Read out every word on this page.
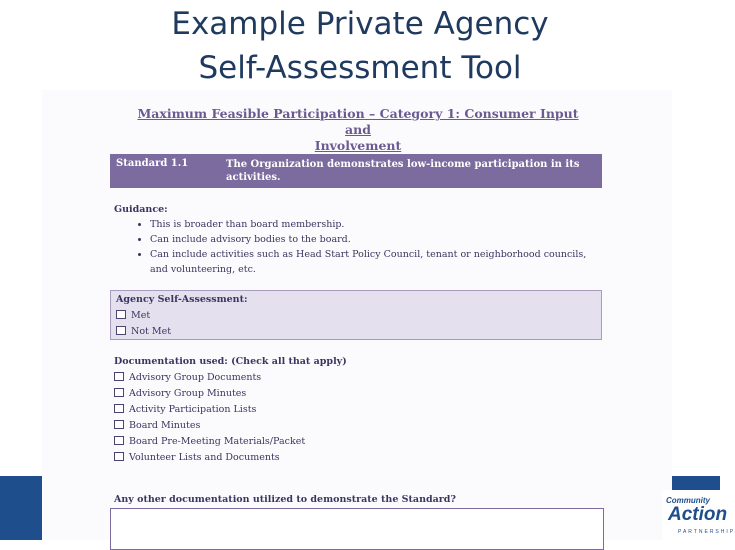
Example Private Agency
Self-Assessment Tool
Maximum Feasible Participation – Category 1: Consumer Input and
Involvement
Standard 1.1	The Organization demonstrates low-income participation in its activities.
Guidance:
• This is broader than board membership.
• Can include advisory bodies to the board.
• Can include activities such as Head Start Policy Council, tenant or neighborhood councils, and volunteering, etc.
Agency Self-Assessment:
Met
Not Met
Documentation used: (Check all that apply)
Advisory Group Documents
Advisory Group Minutes
Activity Participation Lists
Board Minutes
Board Pre-Meeting Materials/Packet
Volunteer Lists and Documents
Any other documentation utilized to demonstrate the Standard?	Community
Action
PARTNERSHIP
